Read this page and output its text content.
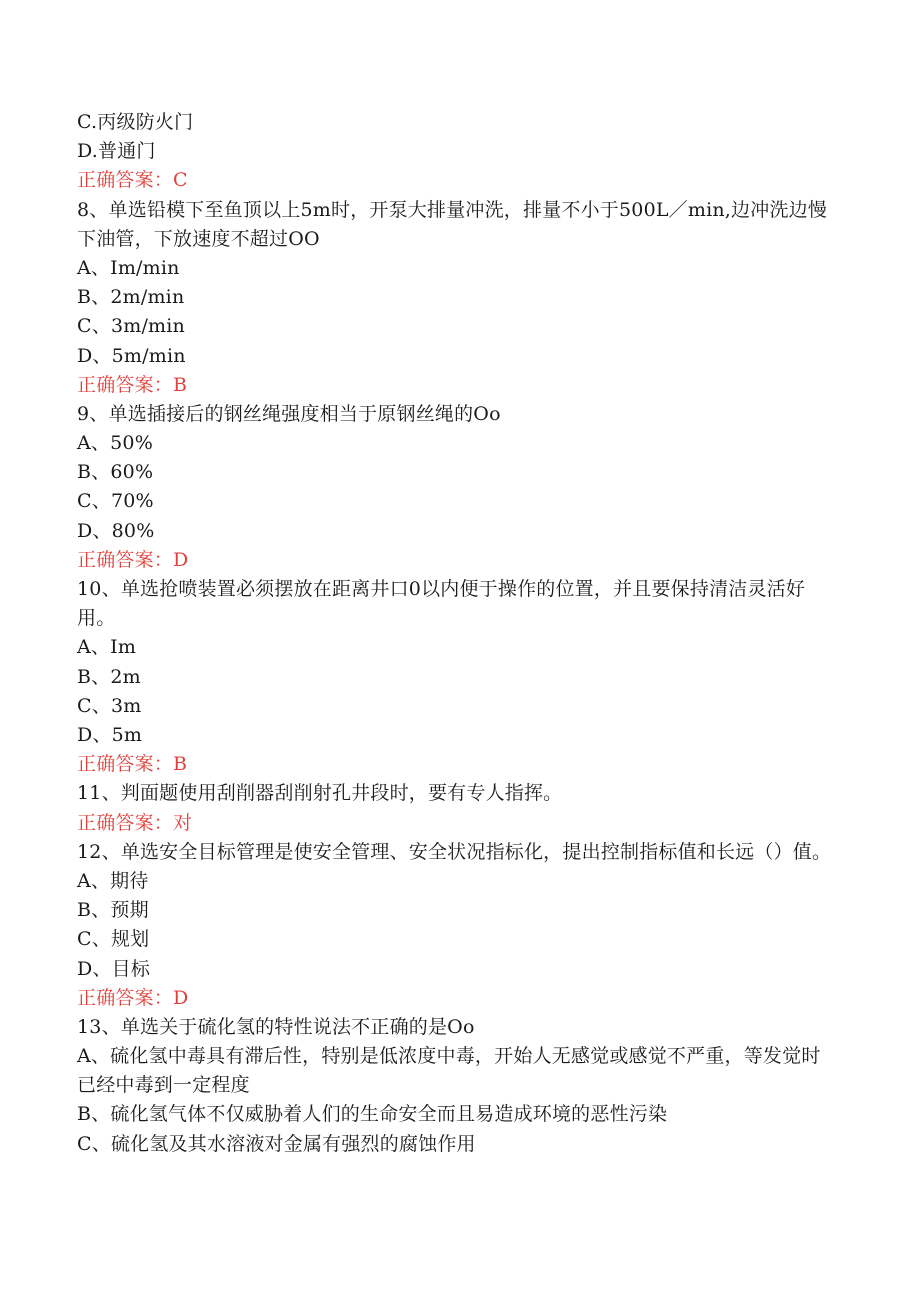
C.丙级防火门
D.普通门
正确答案：C
8、单选铅模下至鱼顶以上5m时，开泵大排量冲洗，排量不小于500L／min,边冲洗边慢下油管，下放速度不超过OO
A、Im/min
B、2m/min
C、3m/min
D、5m/min
正确答案：B
9、单选插接后的钢丝绳强度相当于原钢丝绳的Oo
A、50%
B、60%
C、70%
D、80%
正确答案：D
10、单选抢喷装置必须摆放在距离井口0以内便于操作的位置，并且要保持清洁灵活好用。
A、Im
B、2m
C、3m
D、5m
正确答案：B
11、判面题使用刮削器刮削射孔井段时，要有专人指挥。
正确答案：对
12、单选安全目标管理是使安全管理、安全状况指标化，提出控制指标值和长远（）值。
A、期待
B、预期
C、规划
D、目标
正确答案：D
13、单选关于硫化氢的特性说法不正确的是Oo
A、硫化氢中毒具有滞后性，特别是低浓度中毒，开始人无感觉或感觉不严重，等发觉时已经中毒到一定程度
B、硫化氢气体不仅威胁着人们的生命安全而且易造成环境的恶性污染
C、硫化氢及其水溶液对金属有强烈的腐蚀作用
